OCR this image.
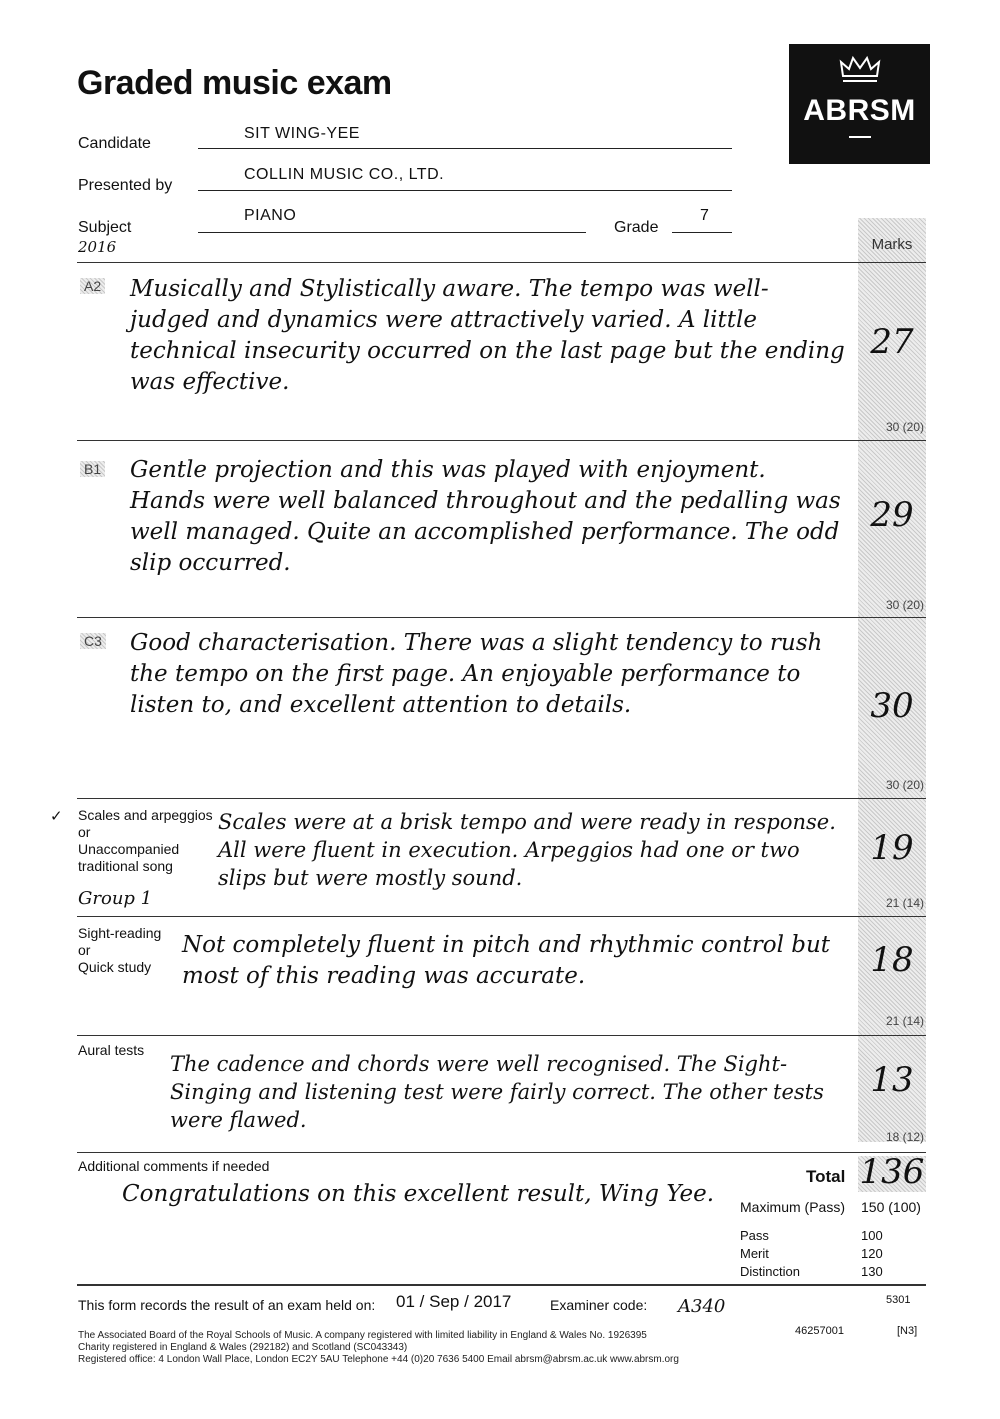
Graded music exam
ABRSM
Candidate
SIT WING-YEE
Presented by
COLLIN MUSIC CO., LTD.
Subject
2016
PIANO
Grade
7
Marks
A2 Musically and Stylistically aware. The tempo was well-judged and dynamics were attractively varied. A little technical insecurity occurred on the last page but the ending was effective.
27
30 (20)
B1 Gentle projection and this was played with enjoyment. Hands were well balanced throughout and the pedalling was well managed. Quite an accomplished performance. The odd slip occurred.
29
30 (20)
C3 Good characterisation. There was a slight tendency to rush the tempo on the first page. An enjoyable performance to listen to, and excellent attention to details.	30
30 (20)
✓ Scales and arpeggios
or
Unaccompanied
traditional song
Group 1
Scales were at a brisk tempo and were ready in response. All were fluent in execution. Arpeggios had one or two slips but were mostly sound.
19
21 (14)
Sight-reading
or
Quick study
Not completely fluent in pitch and rhythmic control but most of this reading was accurate.	18
21 (14)
Aural tests
The cadence and chords were well recognised. The Sight-Singing and listening test were fairly correct. The other tests were flawed.
13
18 (12)
Additional comments if needed
Congratulations on this excellent result, Wing Yee.
Total 136
Maximum (Pass) 150 (100)
Pass	100
Merit	120
Distinction	130
This form records the result of an exam held on: 01 / Sep / 2017	Examiner code: A340	5301
46257001	[N3]
The Associated Board of the Royal Schools of Music. A company registered with limited liability in England & Wales No. 1926395
Charity registered in England & Wales (292182) and Scotland (SC043343)
Registered office: 4 London Wall Place, London EC2Y 5AU Telephone +44 (0)20 7636 5400 Email abrsm@abrsm.ac.uk www.abrsm.org
